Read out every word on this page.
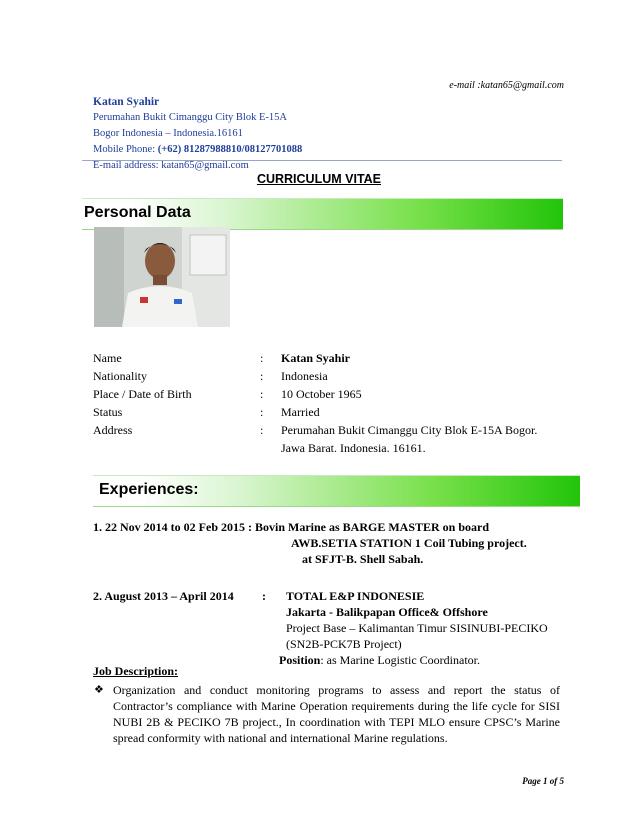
e-mail :katan65@gmail.com
Katan Syahir
Perumahan Bukit Cimanggu City Blok E-15A
Bogor Indonesia – Indonesia.16161
Mobile Phone: (+62) 81287988810/08127701088
E-mail address: katan65@gmail.com
CURRICULUM VITAE
Personal Data
Name	: Katan Syahir
Nationality	: Indonesia
Place / Date of Birth	: 10 October 1965
Status	: Married
Address	: Perumahan Bukit Cimanggu City Blok E-15A Bogor.
Jawa Barat. Indonesia. 16161.
Experiences:
1. 22 Nov 2014 to 02 Feb 2015 : Bovin Marine as BARGE MASTER on board
AWB.SETIA STATION 1 Coil Tubing project.
at SFJT-B. Shell Sabah.
2. August 2013 – April 2014 : TOTAL E&P INDONESIE
Jakarta - Balikpapan Office& Offshore
Project Base – Kalimantan Timur SISINUBI-PECIKO
(SN2B-PCK7B Project)
Position: as Marine Logistic Coordinator.
Job Description:
❖ Organization and conduct monitoring programs to assess and report the status of Contractor’s compliance with Marine Operation requirements during the life cycle for SISI NUBI 2B & PECIKO 7B project., In coordination with TEPI MLO ensure CPSC’s Marine spread conformity with national and international Marine regulations.
Page 1 of 5
